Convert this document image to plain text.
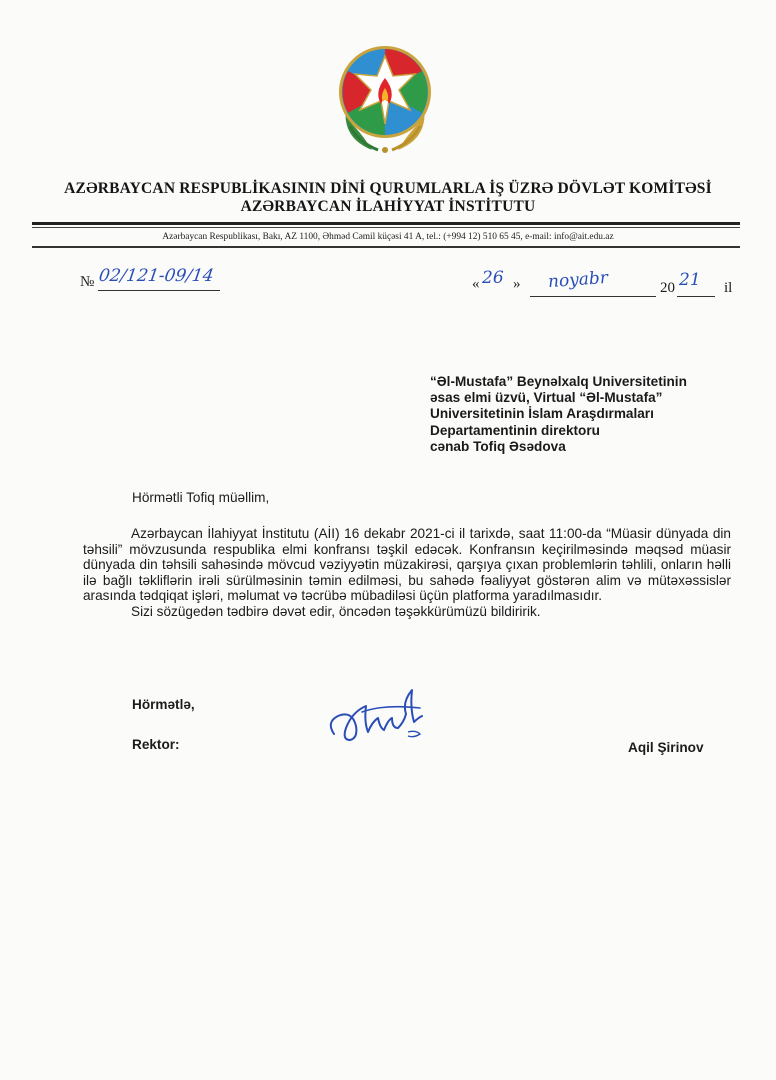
AZƏRBAYCAN RESPUBLİKASININ DİNİ QURUMLARLA İŞ ÜZRƏ DÖVLƏT KOMİTƏSİ
AZƏRBAYCAN İLAHİYYAT İNSTİTUTU
Azərbaycan Respublikası, Bakı, AZ 1100, Əhməd Cəmil küçəsi 41 A, tel.: (+994 12) 510 65 45, e-mail: info@ait.edu.az
№ 02/121-09/14	« 26 » noyabr	20 21 il
“Əl-Mustafa” Beynəlxalq Universitetinin
əsas elmi üzvü, Virtual “Əl-Mustafa”
Universitetinin İslam Araşdırmaları
Departamentinin direktoru
cənab Tofiq Əsədova
Hörmətli Tofiq müəllim,

Azərbaycan İlahiyyat İnstitutu (AİI) 16 dekabr 2021-ci il tarixdə, saat 11:00-da “Müasir dünyada din təhsili” mövzusunda respublika elmi konfransı təşkil edəcək. Konfransın keçirilməsində məqsəd müasir dünyada din təhsili sahəsində mövcud vəziyyətin müzakirəsi, qarşıya çıxan problemlərin təhlili, onların həlli ilə bağlı təkliflərin irəli sürülməsinin təmin edilməsi, bu sahədə fəaliyyət göstərən alim və mütəxəssislər arasında tədqiqat işləri, məlumat və təcrübə mübadiləsi üçün platforma yaradılmasıdır.

Sizi sözügedən tədbirə dəvət edir, öncədən təşəkkürümüzü bildiririk.

Hörmətlə,
Rektor:	Aqil Şirinov
